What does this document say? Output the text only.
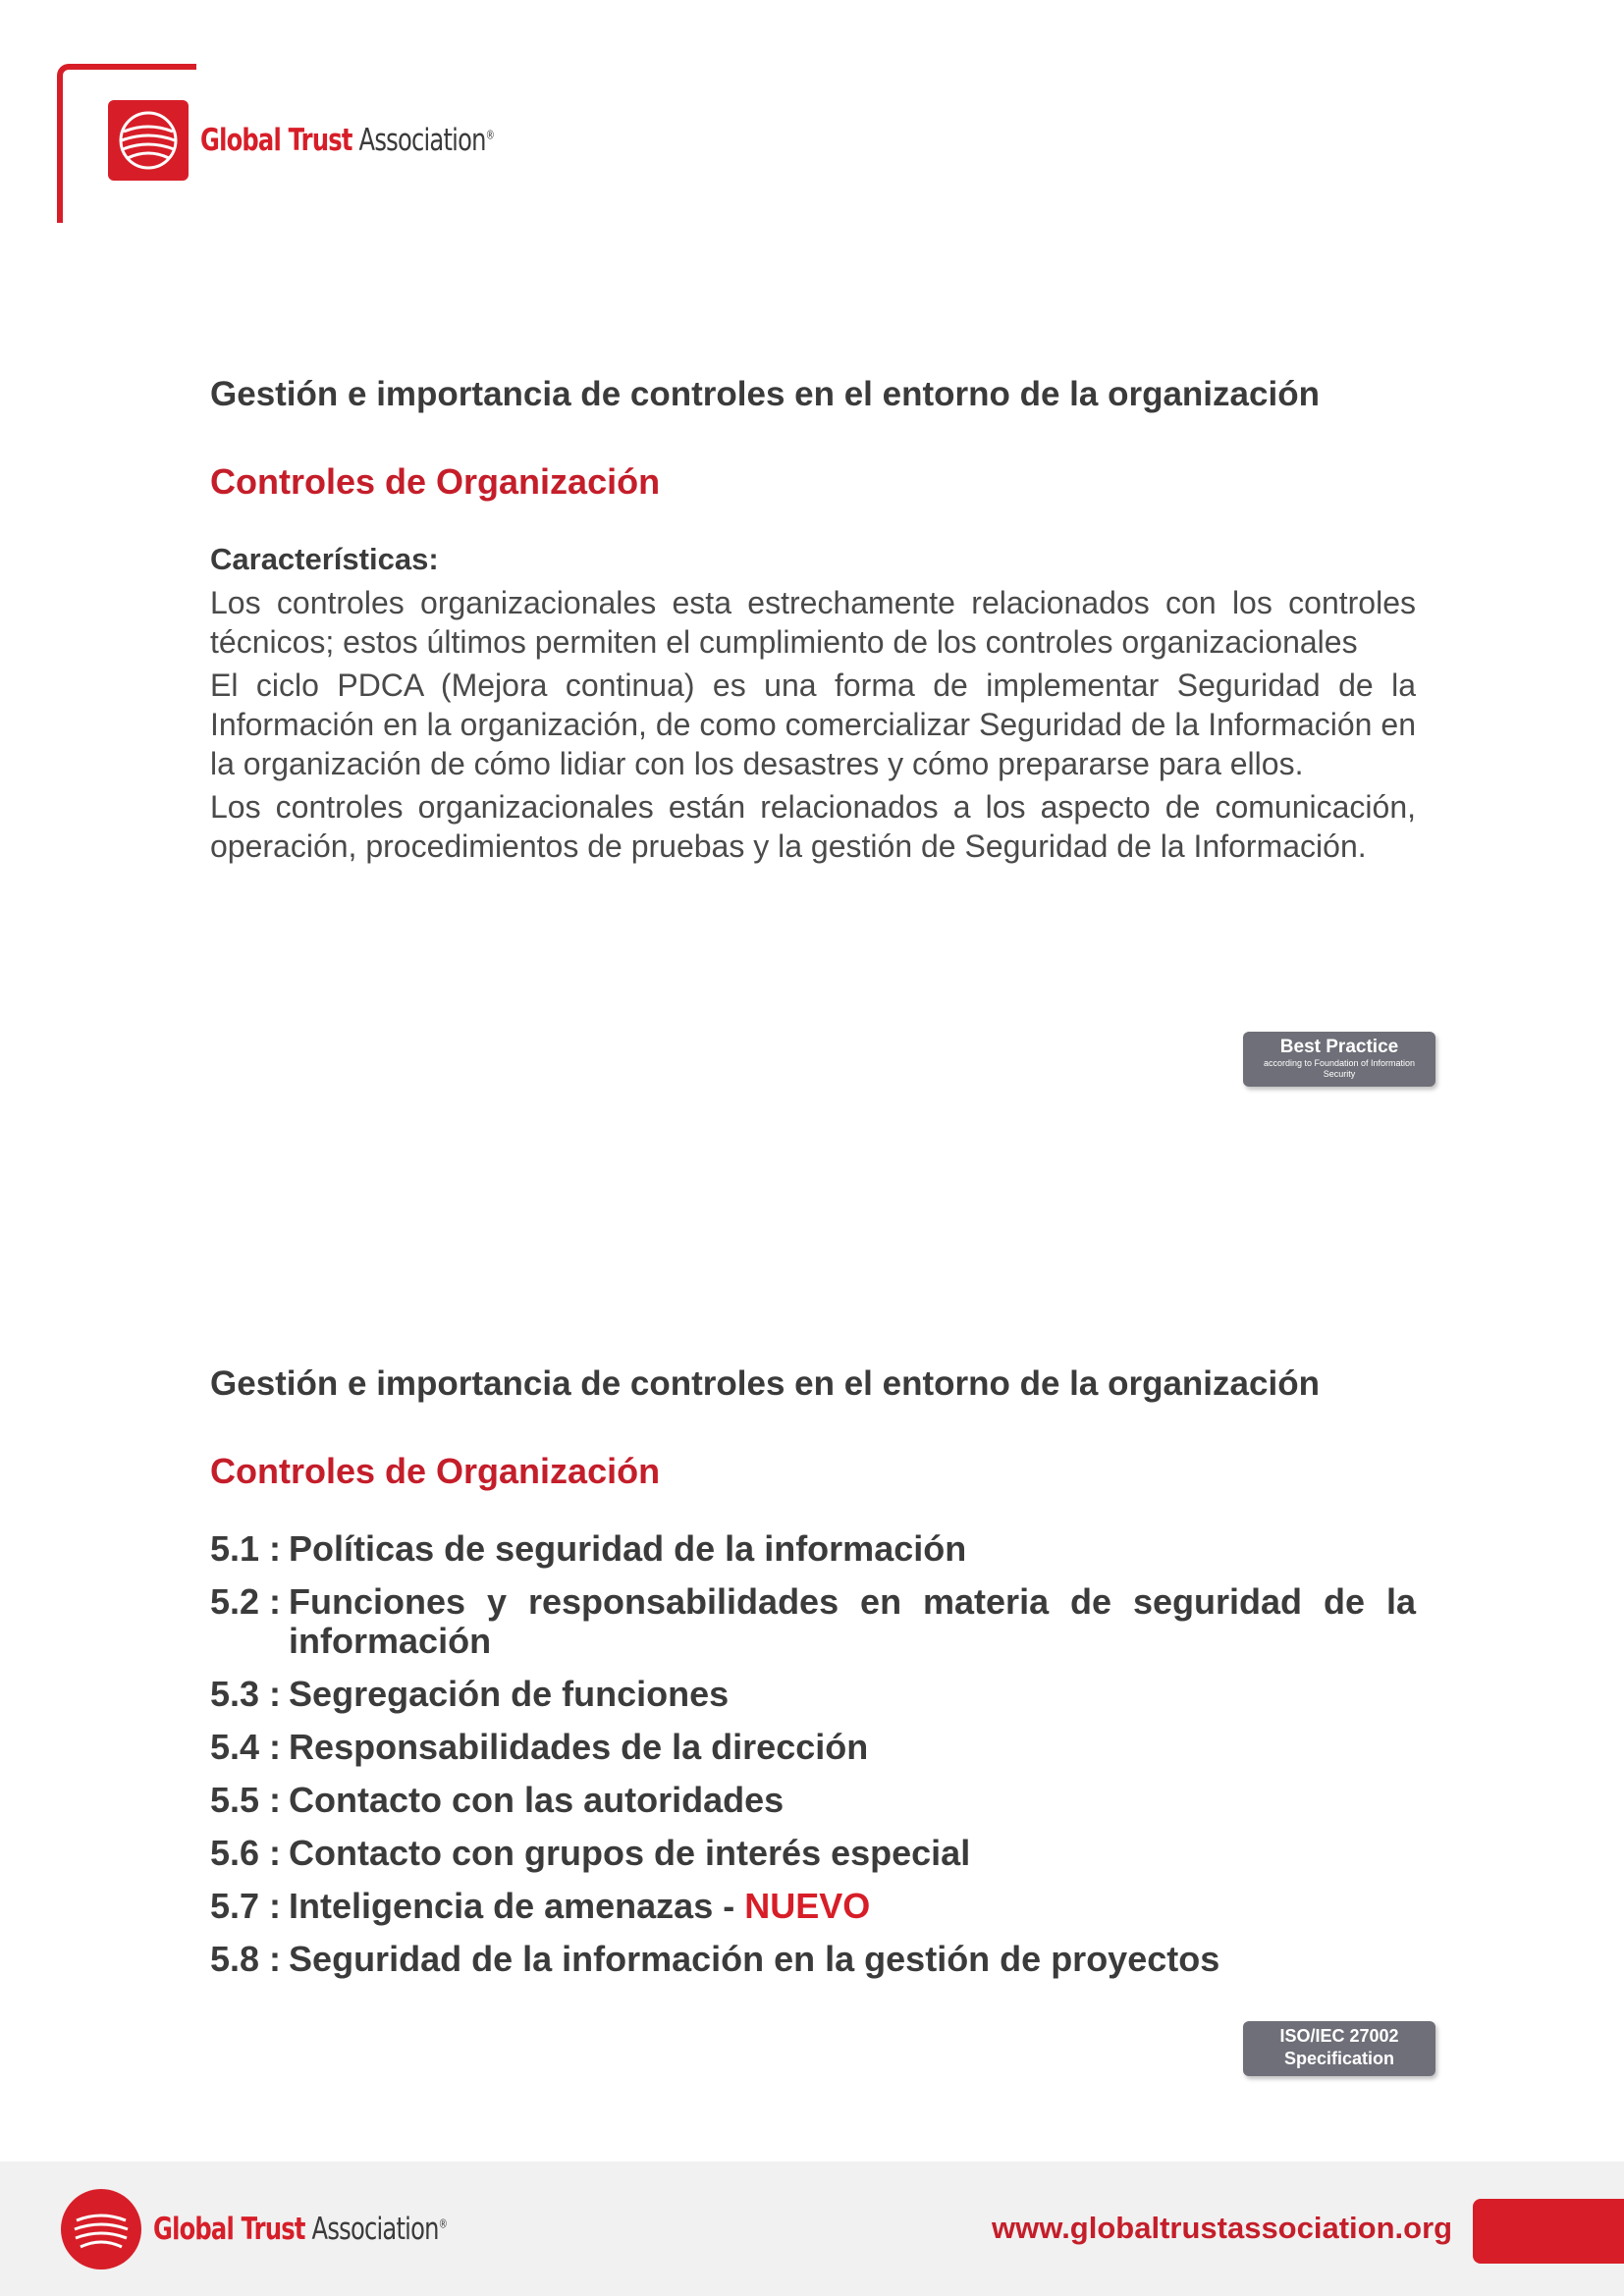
Global Trust Association®

Gestión e importancia de controles en el entorno de la organización

Controles de Organización

Características:

Los controles organizacionales esta estrechamente relacionados con los controles técnicos; estos últimos permiten el cumplimiento de los controles organizacionales

El ciclo PDCA (Mejora continua) es una forma de implementar Seguridad de la Información en la organización, de como comercializar Seguridad de la Información en la organización de cómo lidiar con los desastres y cómo prepararse para ellos.

Los controles organizacionales están relacionados a los aspecto de comunicación, operación, procedimientos de pruebas y la gestión de Seguridad de la Información.

Best Practice
according to Foundation of Information Security

Gestión e importancia de controles en el entorno de la organización

Controles de Organización

5.1 : Políticas de seguridad de la información
5.2 : Funciones y responsabilidades en materia de seguridad de la información
5.3 : Segregación de funciones
5.4 : Responsabilidades de la dirección
5.5 : Contacto con las autoridades
5.6 : Contacto con grupos de interés especial
5.7 : Inteligencia de amenazas - NUEVO
5.8 : Seguridad de la información en la gestión de proyectos
ISO/IEC 27002
Specification
Global Trust Association®	www.globaltrustassociation.org
